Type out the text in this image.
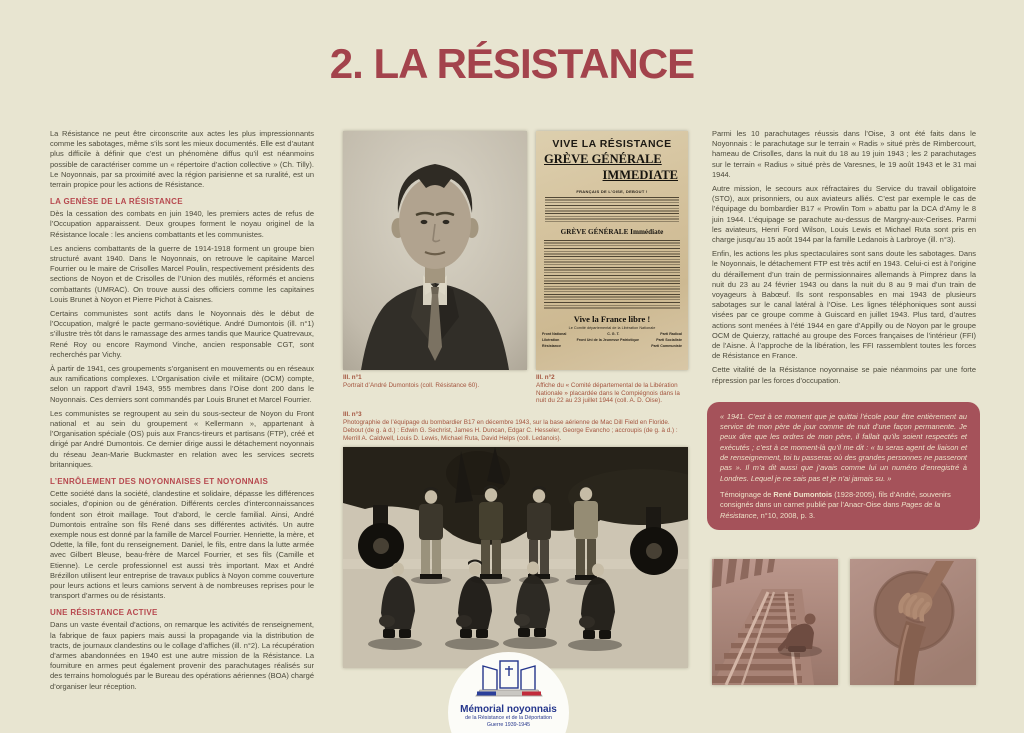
2. LA RÉSISTANCE

La Résistance ne peut être circonscrite aux actes les plus impressionnants comme les sabotages, même s’ils sont les mieux documentés. Elle est d’autant plus difficile à définir que c’est un phénomène diffus qu’il est néanmoins possible de caractériser comme un « répertoire d’action collective » (Ch. Tilly). Le Noyonnais, par sa proximité avec la région parisienne et sa ruralité, est un terrain propice pour les actions de Résistance.

LA GENÈSE DE LA RÉSISTANCE

Dès la cessation des combats en juin 1940, les premiers actes de refus de l’Occupation apparaissent. Deux groupes forment le noyau originel de la Résistance locale : les anciens combattants et les communistes.

Les anciens combattants de la guerre de 1914-1918 forment un groupe bien structuré avant 1940. Dans le Noyonnais, on retrouve le capitaine Marcel Fourrier ou le maire de Crisolles Marcel Poulin, respectivement présidents des sections de Noyon et de Crisolles de l’Union des mutilés, réformés et anciens combattants (UMRAC). On trouve aussi des officiers comme les capitaines Louis Brunet à Noyon et Pierre Pichot à Caisnes.

Certains communistes sont actifs dans le Noyonnais dès le début de l’Occupation, malgré le pacte germano-soviétique. André Dumontois (ill. n°1) s’illustre très tôt dans le ramassage des armes tandis que Maurice Quatrevaux, René Roy ou encore Raymond Vinche, ancien responsable CGT, sont recherchés par Vichy.

À partir de 1941, ces groupements s’organisent en mouvements ou en réseaux aux ramifications complexes. L’Organisation civile et militaire (OCM) compte, selon un rapport d’avril 1943, 955 membres dans l’Oise dont 200 dans le Noyonnais. Ces derniers sont commandés par Louis Brunet et Marcel Fourrier.

Les communistes se regroupent au sein du sous-secteur de Noyon du Front national et au sein du groupement « Kellermann », appartenant à l’Organisation spéciale (OS) puis aux Francs-tireurs et partisans (FTP), créé et dirigé par André Dumontois. Ce dernier dirige aussi le détachement noyonnais du réseau Jean-Marie Buckmaster en relation avec les services secrets britanniques.

L’ENRÔLEMENT DES NOYONNAISES ET NOYONNAIS

Cette société dans la société, clandestine et solidaire, dépasse les différences sociales, d’opinion ou de génération. Différents cercles d’interconnaissances fondent son étroit maillage. Tout d’abord, le cercle familial. Ainsi, André Dumontois entraîne son fils René dans ses différentes activités. Un autre exemple nous est donné par la famille de Marcel Fourrier. Henriette, la mère, et Odette, la fille, font du renseignement. Daniel, le fils, entre dans la lutte armée avec Gilbert Bleuse, beau-frère de Marcel Fourrier, et ses fils (Camille et Etienne). Le cercle professionnel est aussi très important. Max et André Brézillon utilisent leur entreprise de travaux publics à Noyon comme couverture pour leurs actions et leurs camions servent à de nombreuses reprises pour le transport d’armes ou de résistants.

UNE RÉSISTANCE ACTIVE

Dans un vaste éventail d’actions, on remarque les activités de renseignement, la fabrique de faux papiers mais aussi la propagande via la distribution de tracts, de journaux clandestins ou le collage d’affiches (ill. n°2). La récupération d’armes abandonnées en 1940 est une autre mission de la Résistance. La fourniture en armes peut également provenir des parachutages réalisés sur des terrains homologués par le Bureau des opérations aériennes (BOA) chargé d’organiser leur réception.

VIVE LA RÉSISTANCE
GRÈVE GÉNÉRALE
IMMEDIATE
FRANÇAIS DE L’OISE, DEBOUT !
GRÈVE GÉNÉRALE Immédiate
Vive la France libre !
Le Comité départemental de la Libération Nationale
Front National	C. G. T.	Parti Radical
Libération	Front Uni de la Jeunesse Patriotique	Parti Socialiste
Résistance	Parti Communiste
Ill. n°1
Portrait d’André Dumontois (coll. Résistance 60).
Ill. n°2
Affiche du « Comité départemental de la Libération Nationale » placardée dans le Compiégnois dans la nuit du 22 au 23 juillet 1944 (coll. A. D. Oise).
Ill. n°3
Photographie de l’équipage du bombardier B17 en décembre 1943, sur la base aérienne de Mac Dill Field en Floride. Debout (de g. à d.) : Edwin G. Sechrist, James H. Duncan, Edgar C. Hesseler, George Evancho ; accroupis (de g. à d.) : Merrill A. Caldwell, Louis D. Lewis, Michael Ruta, David Helps (coll. Ledanois).

Parmi les 10 parachutages réussis dans l’Oise, 3 ont été faits dans le Noyonnais : le parachutage sur le terrain « Radis » situé près de Rimbercourt, hameau de Crisolles, dans la nuit du 18 au 19 juin 1943 ; les 2 parachutages sur le terrain « Radius » situé près de Varesnes, le 19 août 1943 et le 31 mai 1944.

Autre mission, le secours aux réfractaires du Service du travail obligatoire (STO), aux prisonniers, ou aux aviateurs alliés. C’est par exemple le cas de l’équipage du bombardier B17 « Prowlin Tom » abattu par la DCA d’Amy le 8 juin 1944. L’équipage se parachute au-dessus de Margny-aux-Cerises. Parmi les aviateurs, Henri Ford Wilson, Louis Lewis et Michael Ruta sont pris en charge jusqu’au 15 août 1944 par la famille Ledanois à Larbroye (ill. n°3).

Enfin, les actions les plus spectaculaires sont sans doute les sabotages. Dans le Noyonnais, le détachement FTP est très actif en 1943. Celui-ci est à l’origine du déraillement d’un train de permissionnaires allemands à Pimprez dans la nuit du 23 au 24 février 1943 ou dans la nuit du 8 au 9 mai d’un train de voyageurs à Babœuf. Ils sont responsables en mai 1943 de plusieurs sabotages sur le canal latéral à l’Oise. Les lignes téléphoniques sont aussi visées par ce groupe comme à Guiscard en juillet 1943. Plus tard, d’autres actions sont menées à l’été 1944 en gare d’Appilly ou de Noyon par le groupe OCM de Quierzy, rattaché au groupe des Forces françaises de l’intérieur (FFI) de l’Aisne. À l’approche de la libération, les FFI rassemblent toutes les forces de Résistance en France.

Cette vitalité de la Résistance noyonnaise se paie néanmoins par une forte répression par les forces d’occupation.

« 1941. C’est à ce moment que je quittai l’école pour être entièrement au service de mon père de jour comme de nuit d’une façon permanente. Je peux dire que les ordres de mon père, il fallait qu’ils soient respectés et exécutés ; c’est à ce moment-là qu’il me dit : « tu seras agent de liaison et de renseignement, toi tu passeras où des grandes personnes ne passeront pas ». Il m’a dit aussi que j’avais comme lui un numéro d’enregistré à Londres. Lequel je ne sais pas et je n’ai jamais su. »

Témoignage de René Dumontois (1928-2005), fils d’André, souvenirs consignés dans un carnet publié par l’Anacr-Oise dans Pages de la Résistance, n°10, 2008, p. 3.

Mémorial noyonnais
de la Résistance et de la Déportation
Guerre 1939-1945
